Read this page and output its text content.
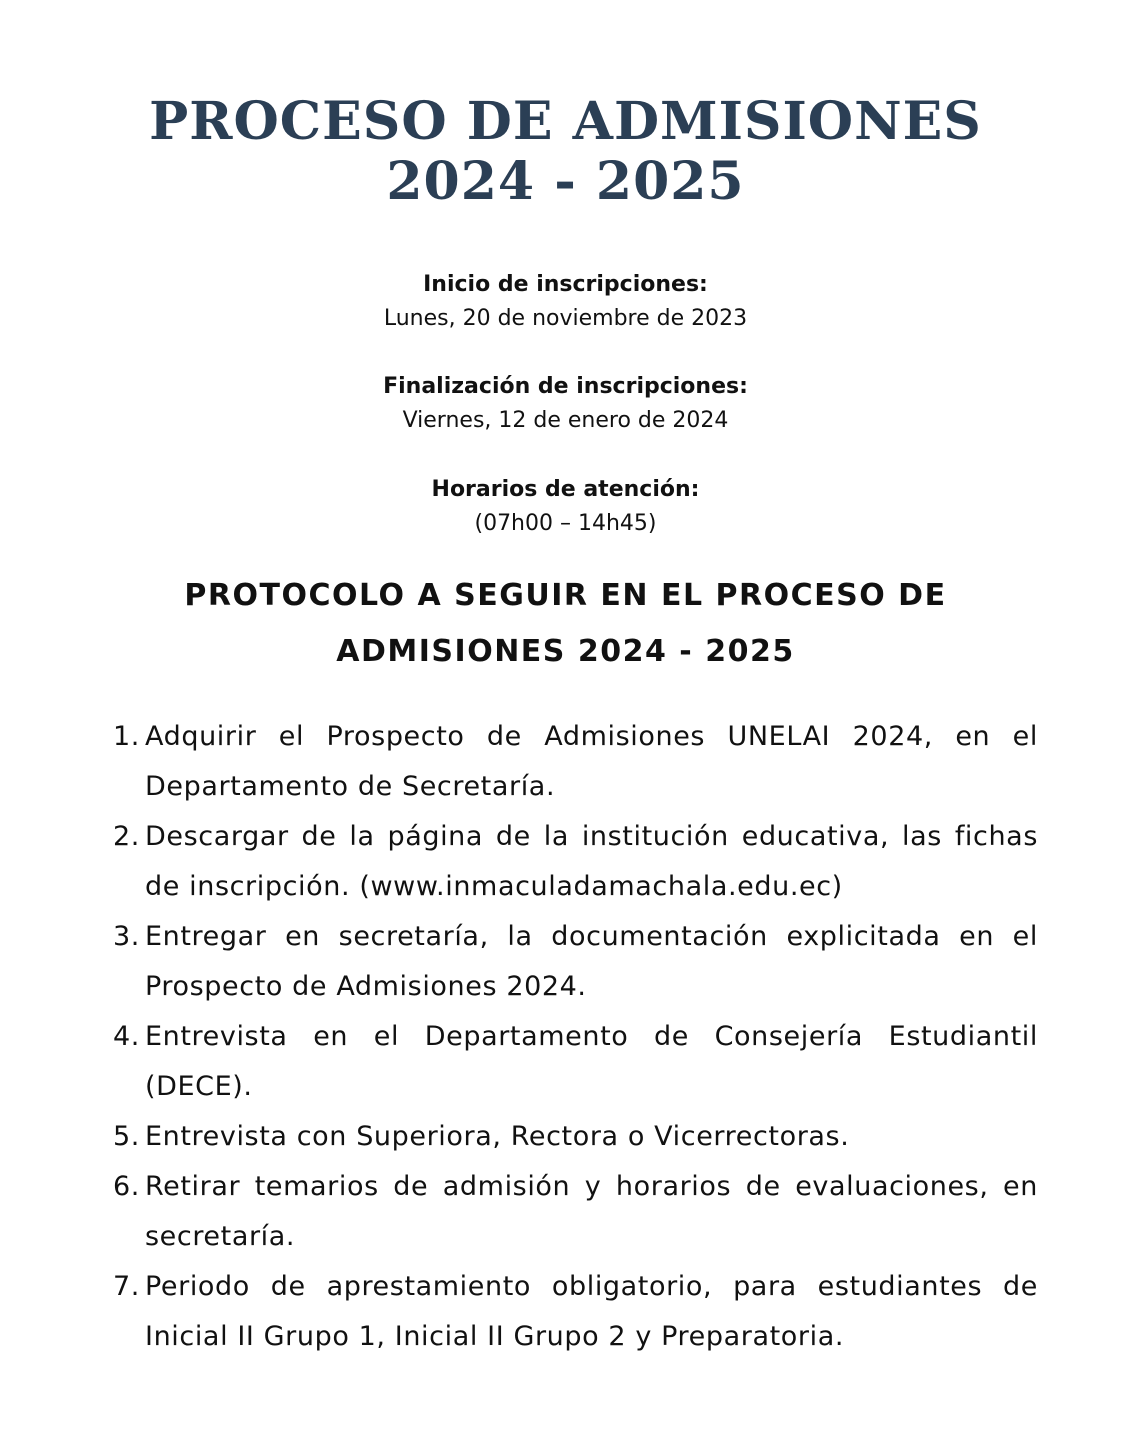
PROCESO DE ADMISIONES
2024 - 2025
Inicio de inscripciones:
Lunes, 20 de noviembre de 2023
Finalización de inscripciones:
Viernes, 12 de enero de 2024
Horarios de atención:
(07h00 – 14h45)
PROTOCOLO A SEGUIR EN EL PROCESO DE
ADMISIONES 2024 - 2025
1. Adquirir el Prospecto de Admisiones UNELAI 2024, en el Departamento de Secretaría.
2. Descargar de la página de la institución educativa, las fichas de inscripción. (www.inmaculadamachala.edu.ec)
3. Entregar en secretaría, la documentación explicitada en el Prospecto de Admisiones 2024.
4. Entrevista en el Departamento de Consejería Estudiantil (DECE).
5. Entrevista con Superiora, Rectora o Vicerrectoras.
6. Retirar temarios de admisión y horarios de evaluaciones, en secretaría.
7. Periodo de aprestamiento obligatorio, para estudiantes de Inicial II Grupo 1, Inicial II Grupo 2 y Preparatoria.
